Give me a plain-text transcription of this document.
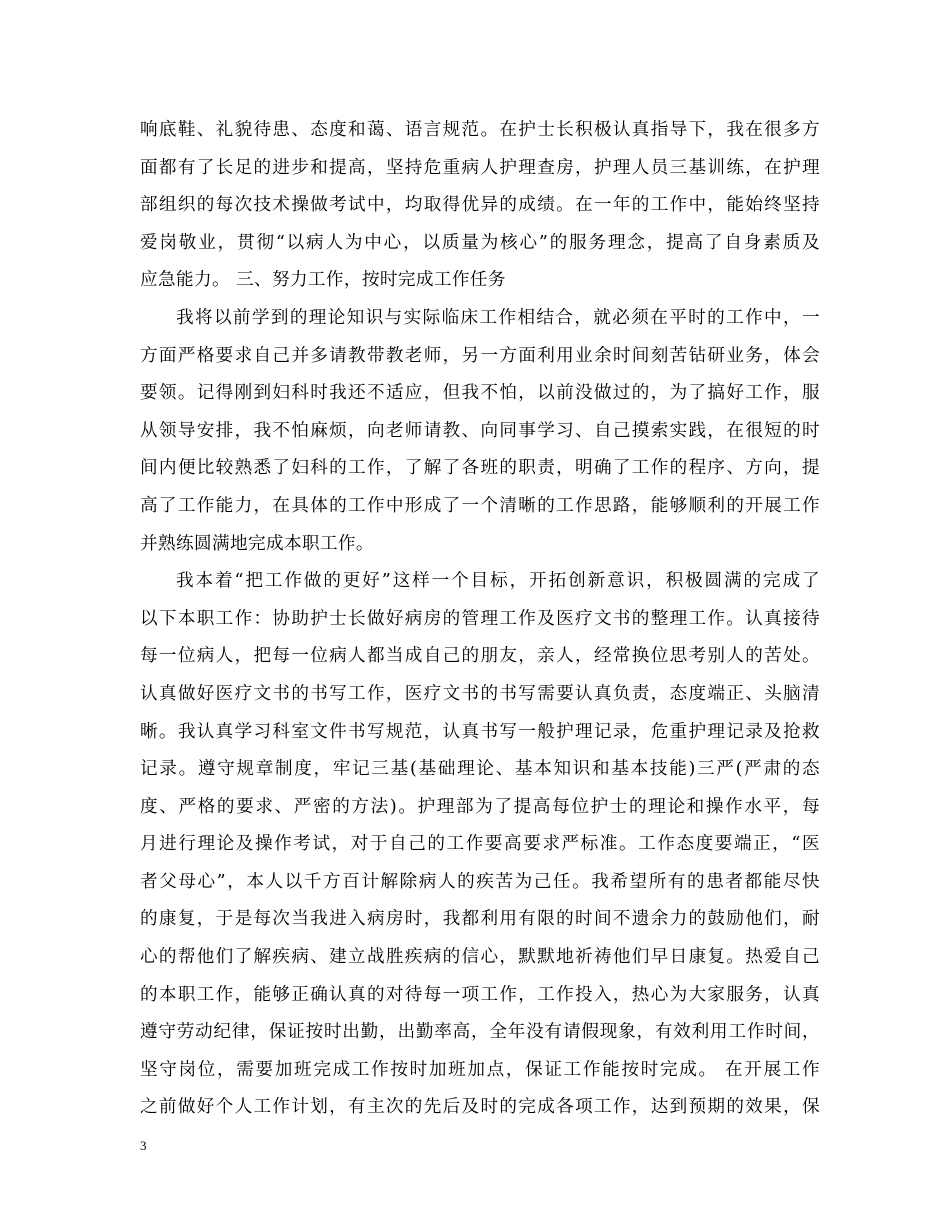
响底鞋、礼貌待患、态度和蔼、语言规范。在护士长积极认真指导下，我在很多方
面都有了长足的进步和提高，坚持危重病人护理查房，护理人员三基训练，在护理
部组织的每次技术操做考试中，均取得优异的成绩。在一年的工作中，能始终坚持
爱岗敬业，贯彻“以病人为中心，以质量为核心”的服务理念，提高了自身素质及
应急能力。 三、努力工作，按时完成工作任务
我将以前学到的理论知识与实际临床工作相结合，就必须在平时的工作中，一
方面严格要求自己并多请教带教老师，另一方面利用业余时间刻苦钻研业务，体会
要领。记得刚到妇科时我还不适应，但我不怕，以前没做过的，为了搞好工作，服
从领导安排，我不怕麻烦，向老师请教、向同事学习、自己摸索实践，在很短的时
间内便比较熟悉了妇科的工作，了解了各班的职责，明确了工作的程序、方向，提
高了工作能力，在具体的工作中形成了一个清晰的工作思路，能够顺利的开展工作
并熟练圆满地完成本职工作。
我本着“把工作做的更好”这样一个目标，开拓创新意识，积极圆满的完成了
以下本职工作：协助护士长做好病房的管理工作及医疗文书的整理工作。认真接待
每一位病人，把每一位病人都当成自己的朋友，亲人，经常换位思考别人的苦处。
认真做好医疗文书的书写工作，医疗文书的书写需要认真负责，态度端正、头脑清
晰。我认真学习科室文件书写规范，认真书写一般护理记录，危重护理记录及抢救
记录。遵守规章制度，牢记三基(基础理论、基本知识和基本技能)三严(严肃的态
度、严格的要求、严密的方法)。护理部为了提高每位护士的理论和操作水平，每
月进行理论及操作考试，对于自己的工作要高要求严标准。工作态度要端正，“医
者父母心”，本人以千方百计解除病人的疾苦为己任。我希望所有的患者都能尽快
的康复，于是每次当我进入病房时，我都利用有限的时间不遗余力的鼓励他们，耐
心的帮他们了解疾病、建立战胜疾病的信心，默默地祈祷他们早日康复。热爱自己
的本职工作，能够正确认真的对待每一项工作，工作投入，热心为大家服务，认真
遵守劳动纪律，保证按时出勤，出勤率高，全年没有请假现象，有效利用工作时间，
坚守岗位，需要加班完成工作按时加班加点，保证工作能按时完成。 在开展工作
之前做好个人工作计划，有主次的先后及时的完成各项工作，达到预期的效果，保
3
